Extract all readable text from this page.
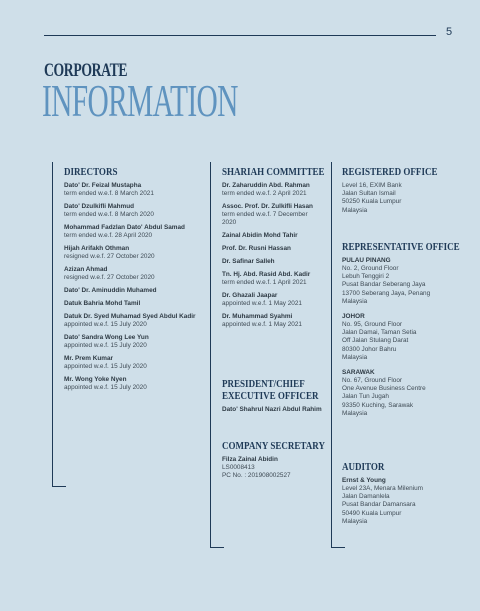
5
CORPORATE
INFORMATION
DIRECTORS
Dato' Dr. Feizal Mustapha
term ended w.e.f. 8 March 2021
Dato' Dzulkifli Mahmud
term ended w.e.f. 8 March 2020
Mohammad Fadzlan Dato' Abdul Samad
term ended w.e.f. 28 April 2020
Hijah Arifakh Othman
resigned w.e.f. 27 October 2020
Azizan Ahmad
resigned w.e.f. 27 October 2020
Dato' Dr. Aminuddin Muhamed
Datuk Bahria Mohd Tamil
Datuk Dr. Syed Muhamad Syed Abdul Kadir
appointed w.e.f. 15 July 2020
Dato' Sandra Wong Lee Yun
appointed w.e.f. 15 July 2020
Mr. Prem Kumar
appointed w.e.f. 15 July 2020
Mr. Wong Yoke Nyen
appointed w.e.f. 15 July 2020
SHARIAH COMMITTEE
Dr. Zaharuddin Abd. Rahman
term ended w.e.f. 2 April 2021
Assoc. Prof. Dr. Zulkifli Hasan
term ended w.e.f. 7 December
2020
Zainal Abidin Mohd Tahir
Prof. Dr. Rusni Hassan
Dr. Safinar Salleh
Tn. Hj. Abd. Rasid Abd. Kadir
term ended w.e.f. 1 April 2021
Dr. Ghazali Jaapar
appointed w.e.f. 1 May 2021
Dr. Muhammad Syahmi
appointed w.e.f. 1 May 2021
PRESIDENT/CHIEF
EXECUTIVE OFFICER
Dato' Shahrul Nazri Abdul Rahim
COMPANY SECRETARY
Filza Zainal Abidin
LS0008413
PC No. : 201908002527
REGISTERED OFFICE
Level 16, EXIM Bank
Jalan Sultan Ismail
50250 Kuala Lumpur
Malaysia
REPRESENTATIVE OFFICE
PULAU PINANG
No. 2, Ground Floor
Lebuh Tenggiri 2
Pusat Bandar Seberang Jaya
13700 Seberang Jaya, Penang
Malaysia
JOHOR
No. 95, Ground Floor
Jalan Damai, Taman Setia
Off Jalan Stulang Darat
80300 Johor Bahru
Malaysia
SARAWAK
No. 67, Ground Floor
One Avenue Business Centre
Jalan Tun Jugah
93350 Kuching, Sarawak
Malaysia
AUDITOR
Ernst & Young
Level 23A, Menara Milenium
Jalan Damanlela
Pusat Bandar Damansara
50490 Kuala Lumpur
Malaysia
